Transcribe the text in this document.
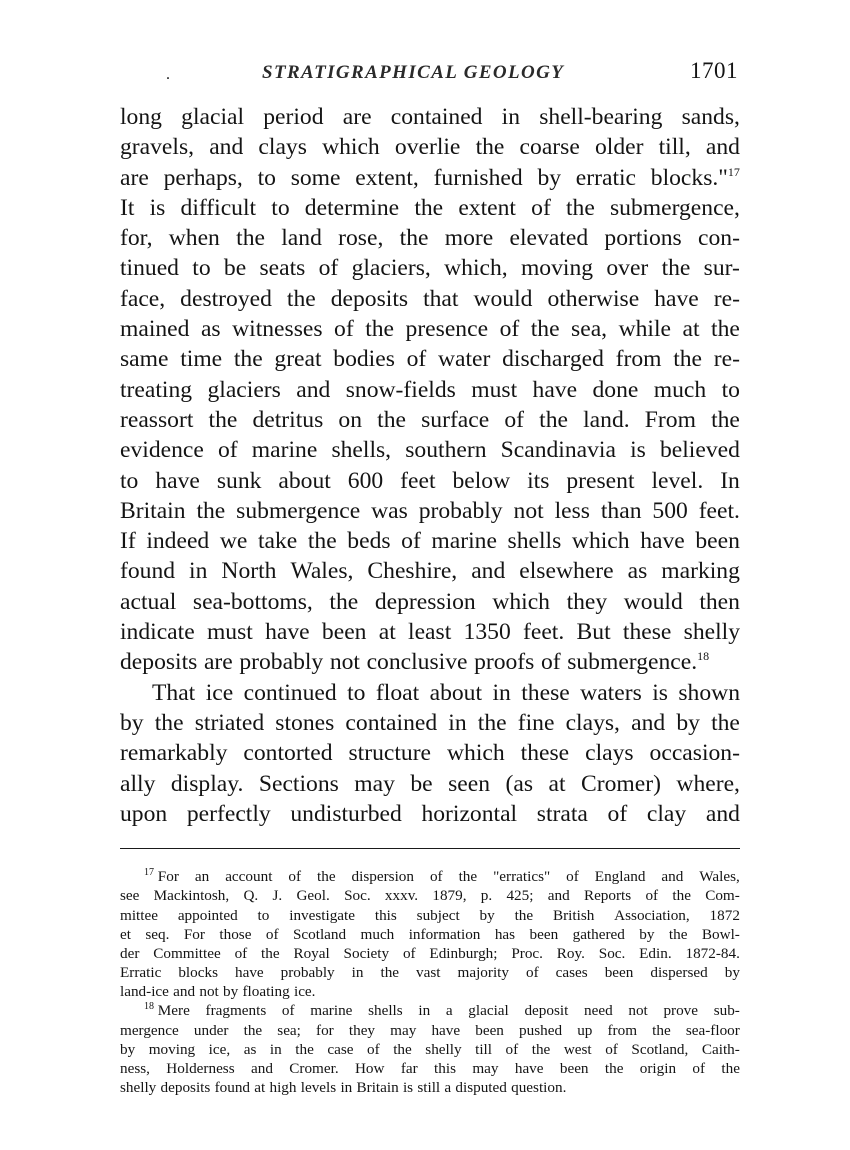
.	STRATIGRAPHICAL GEOLOGY	1701

long glacial period are contained in shell-bearing sands,
gravels, and clays which overlie the coarse older till, and
are perhaps, to some extent, furnished by erratic blocks."$^{17}$
It is difficult to determine the extent of the submergence,
for, when the land rose, the more elevated portions con-
tinued to be seats of glaciers, which, moving over the sur-
face, destroyed the deposits that would otherwise have re-
mained as witnesses of the presence of the sea, while at the
same time the great bodies of water discharged from the re-
treating glaciers and snow-fields must have done much to
reassort the detritus on the surface of the land. From the
evidence of marine shells, southern Scandinavia is believed
to have sunk about 600 feet below its present level. In
Britain the submergence was probably not less than 500 feet.
If indeed we take the beds of marine shells which have been
found in North Wales, Cheshire, and elsewhere as marking
actual sea-bottoms, the depression which they would then
indicate must have been at least 1350 feet. But these shelly
deposits are probably not conclusive proofs of submergence.$^{18}$

That ice continued to float about in these waters is shown
by the striated stones contained in the fine clays, and by the
remarkably contorted structure which these clays occasion-
ally display. Sections may be seen (as at Cromer) where,
upon perfectly undisturbed horizontal strata of clay and

$^{17}$ For an account of the dispersion of the "erratics" of England and Wales,
see Mackintosh, Q. J. Geol. Soc. xxxv. 1879, p. 425; and Reports of the Com-
mittee appointed to investigate this subject by the British Association, 1872
et seq. For those of Scotland much information has been gathered by the Bowl-
der Committee of the Royal Society of Edinburgh; Proc. Roy. Soc. Edin. 1872-84.
Erratic blocks have probably in the vast majority of cases been dispersed by
land-ice and not by floating ice.
$^{18}$ Mere fragments of marine shells in a glacial deposit need not prove sub-
mergence under the sea; for they may have been pushed up from the sea-floor
by moving ice, as in the case of the shelly till of the west of Scotland, Caith-
ness, Holderness and Cromer. How far this may have been the origin of the
shelly deposits found at high levels in Britain is still a disputed question.
